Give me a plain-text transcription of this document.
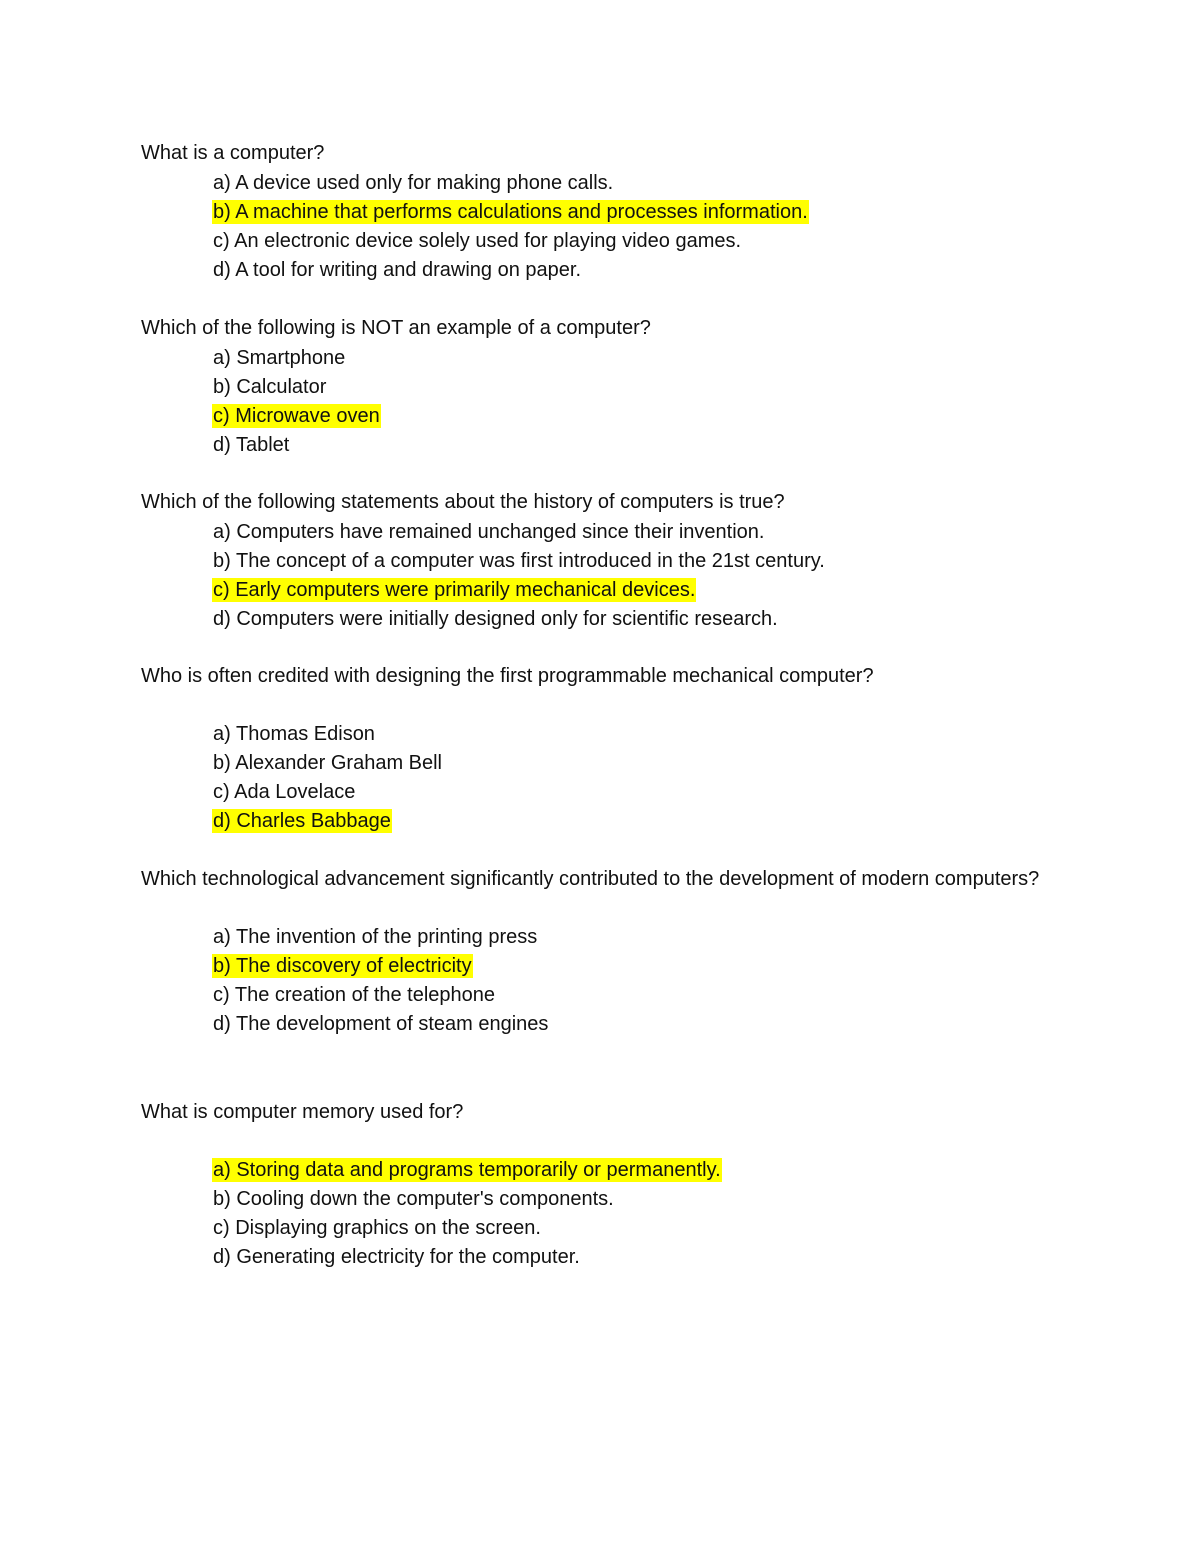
What is a computer?

a) A device used only for making phone calls.
b) A machine that performs calculations and processes information.
c) An electronic device solely used for playing video games.
d) A tool for writing and drawing on paper.

Which of the following is NOT an example of a computer?

a) Smartphone
b) Calculator
c) Microwave oven
d) Tablet

Which of the following statements about the history of computers is true?

a) Computers have remained unchanged since their invention.
b) The concept of a computer was first introduced in the 21st century.
c) Early computers were primarily mechanical devices.
d) Computers were initially designed only for scientific research.

Who is often credited with designing the first programmable mechanical computer?

a) Thomas Edison
b) Alexander Graham Bell
c) Ada Lovelace
d) Charles Babbage

Which technological advancement significantly contributed to the development of modern computers?

a) The invention of the printing press
b) The discovery of electricity
c) The creation of the telephone
d) The development of steam engines

What is computer memory used for?

a) Storing data and programs temporarily or permanently.
b) Cooling down the computer's components.
c) Displaying graphics on the screen.
d) Generating electricity for the computer.
